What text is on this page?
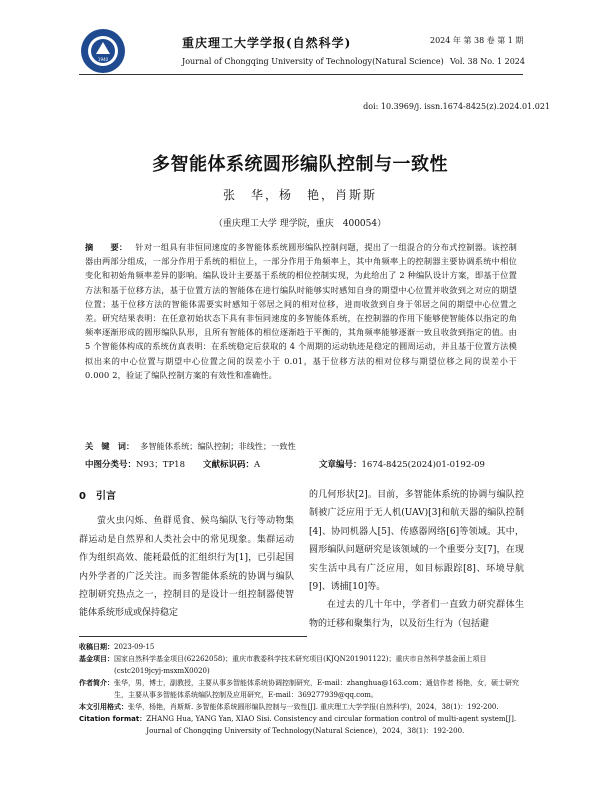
1940
重庆理工大学学报(自然科学)
Journal of Chongqing University of Technology(Natural Science)
2024 年 第 38 卷 第 1 期
Vol. 38 No. 1 2024
doi: 10.3969/j. issn.1674-8425(z).2024.01.021
多智能体系统圆形编队控制与一致性
张　华，杨　艳，肖斯斯
（重庆理工大学 理学院，重庆　400054）
摘　　要： 针对一组具有非恒同速度的多智能体系统圆形编队控制问题，提出了一组混合的分布式控制器。该控制器由两部分组成，一部分作用于系统的相位上，一部分作用于角频率上，其中角频率上的控制器主要协调系统中相位变化和初始角频率差异的影响。编队设计主要基于系统的相位控制实现，为此给出了 2 种编队设计方案，即基于位置方法和基于位移方法，基于位置方法的智能体在进行编队时能够实时感知自身的期望中心位置并收敛到之对应的期望位置；基于位移方法的智能体需要实时感知于邻居之间的相对位移，进而收敛到自身于邻居之间的期望中心位置之差。研究结果表明：在任意初始状态下具有非恒同速度的多智能体系统，在控制器的作用下能够使智能体以指定的角频率逐渐形成的圆形编队队形，且所有智能体的相位逐渐趋于平衡的，其角频率能够逐渐一致且收敛到指定的值。由 5 个智能体构成的系统仿真表明：在系统稳定后获取的 4 个周期的运动轨迹是稳定的圆周运动，并且基于位置方法模拟出来的中心位置与期望中心位置之间的误差小于 0.01，基于位移方法的相对位移与期望位移之间的误差小于 0.000 2，验证了编队控制方案的有效性和准确性。
关　键　词： 多智能体系统；编队控制；非线性；一致性
中图分类号：N93；TP18 文献标识码：A	文章编号：1674-8425(2024)01-0192-09
0　引言
萤火虫闪烁、鱼群觅食、候鸟编队飞行等动物集群运动是自然界和人类社会中的常见现象。集群运动作为组织高效、能耗最低的汇组织行为[1]，已引起国内外学者的广泛关注。而多智能体系统的协调与编队控制研究热点之一，控制目的是设计一组控制器使智能体系统形成或保持稳定
的几何形状[2]。目前，多智能体系统的协调与编队控制被广泛应用于无人机(UAV)[3]和航天器的编队控制[4]、协同机器人[5]、传感器网络[6]等领域。其中，圆形编队问题研究是该领域的一个重要分支[7]，在现实生活中具有广泛应用，如目标跟踪[8]、环境导航[9]、诱捕[10]等。
在过去的几十年中，学者们一直致力研究群体生物的迁移和聚集行为，以及衍生行为（包括避

收稿日期：2023-09-15

基金项目： 国家自然科学基金项目(62262058)；重庆市教委科学技术研究项目(KJQN201901122)；重庆市自然科学基金面上项目(cstc2019jcyj-msxmX0020)
作者简介： 张华，男，博士，副教授，主要从事多智能体系统协调控制研究，E-mail：zhanghua@163.com；通信作者 杨艳，女，硕士研究生，主要从事多智能体系统编队控制及应用研究，E-mail：369277939@qq.com。
本文引用格式： 张华，杨艳，肖斯斯. 多智能体系统圆形编队控制与一致性[J]. 重庆理工大学学报(自然科学)，2024，38(1)：192-200.
Citation format： ZHANG Hua, YANG Yan, XIAO Sisi. Consistency and circular formation control of multi-agent system[J]. Journal of Chongqing University of Technology(Natural Science)，2024，38(1)：192-200.
